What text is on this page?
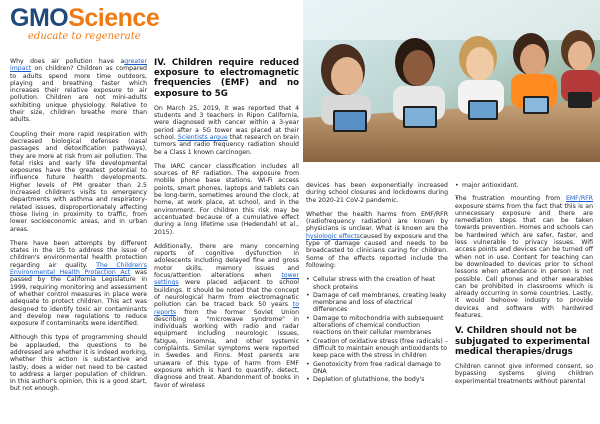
GMOScience
educate to regenerate

Why does air pollution have agreater impact on children? Children as compared to adults spend more time outdoors, playing and breathing faster which increases their relative exposure to air pollution. Children are not mini-adults exhibiting unique physiology. Relative to their size, children breathe more than adults.

Coupling their more rapid respiration with decreased biological defenses (nasal passages and detoxification pathways), they are more at risk from air pollution. The fetal risks and early life developmental exposures have the greatest potential to influence future health developments. Higher levels of PM greater than 2.5 increased children's visits to emergency departments with asthma and respiratory-related issues, disproportionately affecting those living in proximity to traffic, from lower socioeconomic areas, and in urban areas.

There have been attempts by different states in the US to address the issue of children's environmental health protection regarding air quality. The Children's Environmental Health Protection Act was passed by the California Legislature in 1999, requiring monitoring and assessment of whether control measures in place were adequate to protect children. This act was designed to identify toxic air contaminants and develop new regulations to reduce exposure if contaminants were identified.

Although this type of programming should be applauded, the questions to be addressed are whether it is indeed working, whether this action is substantive and lastly, does a wider net need to be casted to address a larger population of children. In this author's opinion, this is a good start, but not enough.

IV. Children require reduced exposure to electromagnetic frequencies (EMF) and no exposure to 5G

On March 25, 2019, it was reported that 4 students and 3 teachers in Ripon California, were diagnosed with cancer within a 3-year period after a 5G tower was placed at their school. Scientists argue that research on brain tumors and radio frequency radiation should be a Class 1 known carcinogen.

The IARC cancer classification includes all sources of RF radiation. The exposure from mobile phone base stations, Wi-Fi access points, smart phones, laptops and tablets can be long-term, sometimes around the clock, at home, at work place, at school, and in the environment. For children this risk may be accentuated because of a cumulative effect during a long lifetime use (Hedendahl et al., 2015).

Additionally, there are many concerning reports of cognitive dysfunction in adolescents including delayed fine and gross motor skills, memory issues and focus/attention alterations when tower settings were placed adjacent to school buildings. It should be noted that the concept of neurological harm from electromagnetic pollution can be traced back 50 years to reports from the former Soviet Union describing a "microwave syndrome" in individuals working with radio and radar equipment including neurologic issues, fatigue, insomnia, and other systemic complaints. Similar symptoms were reported in Swedes and Finns. Most parents are unaware of this type of harm from EMF exposure which is hard to quantify, detect, diagnose and treat. Abandonment of books in favor of wireless

devices has been exponentially increased during school closures and lockdowns during the 2020-21 CoV-2 pandemic.

Whether the health harms from EMF/RFR (radiofrequency radiation) are known by physicians is unclear. What is known are the hysiologic effectscaused by exposure and the type of damage caused and needs to be broadcasted to clinicians caring for children. Some of the effects reported include the following:

• Cellular stress with the creation of heat shock proteins
• Damage of cell membranes, creating leaky membrane and loss of electrical differences
• Damage to mitochondria with subsequent alterations of chemical conduction reactions on their cellular membranes
• Creation of oxidative stress (free radicals) – difficult to maintain enough antioxidants to keep pace with the stress in children
• Genotoxicity from free radical damage to DNA
• Depletion of glutathione, the body's
• major antioxidant.

The frustration mounting from EMF/RFR exposure stems from the fact that this is an unnecessary exposure and there are remediation steps that can be taken towards prevention. Homes and schools can be hardwired which are safer, faster, and less vulnerable to privacy issues. Wifi access points and devices can be turned off when not in use. Content for teaching can be downloaded to devices prior to school lessons when attendance in person is not possible. Cell phones and other wearables can be prohibited in classrooms which is already occurring in some countries. Lastly, it would behoove industry to provide devices and software with hardwired features.

V. Children should not be subjugated to experimental medical therapies/drugs

Children cannot give informed consent, so bypassing systems giving children experimental treatments without parental
